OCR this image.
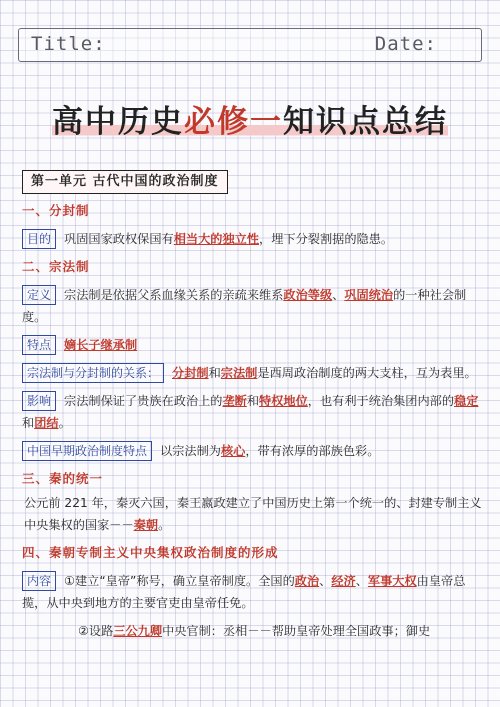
Title:	Date:
高中历史必修一知识点总结
第一单元 古代中国的政治制度
一、分封制
目的 巩固国家政权保国有相当大的独立性，埋下分裂割据的隐患。
二、宗法制
定义 宗法制是依据父系血缘关系的亲疏来维系政治等级、巩固统治的一种社会制度。
特点 嫡长子继承制
宗法制与分封制的关系： 分封制和宗法制是西周政治制度的两大支柱，互为表里。
影响 宗法制保证了贵族在政治上的垄断和特权地位，也有利于统治集团内部的稳定和团结。
中国早期政治制度特点 以宗法制为核心，带有浓厚的部族色彩。
三、秦的统一
公元前 221 年，秦灭六国，秦王嬴政建立了中国历史上第一个统一的、封建专制主义中央集权的国家－－秦朝。
四、秦朝专制主义中央集权政治制度的形成
内容 ①建立“皇帝”称号，确立皇帝制度。全国的政治、经济、军事大权由皇帝总揽，从中央到地方的主要官吏由皇帝任免。
②设路三公九卿中央官制：丞相－－帮助皇帝处理全国政事；御史
